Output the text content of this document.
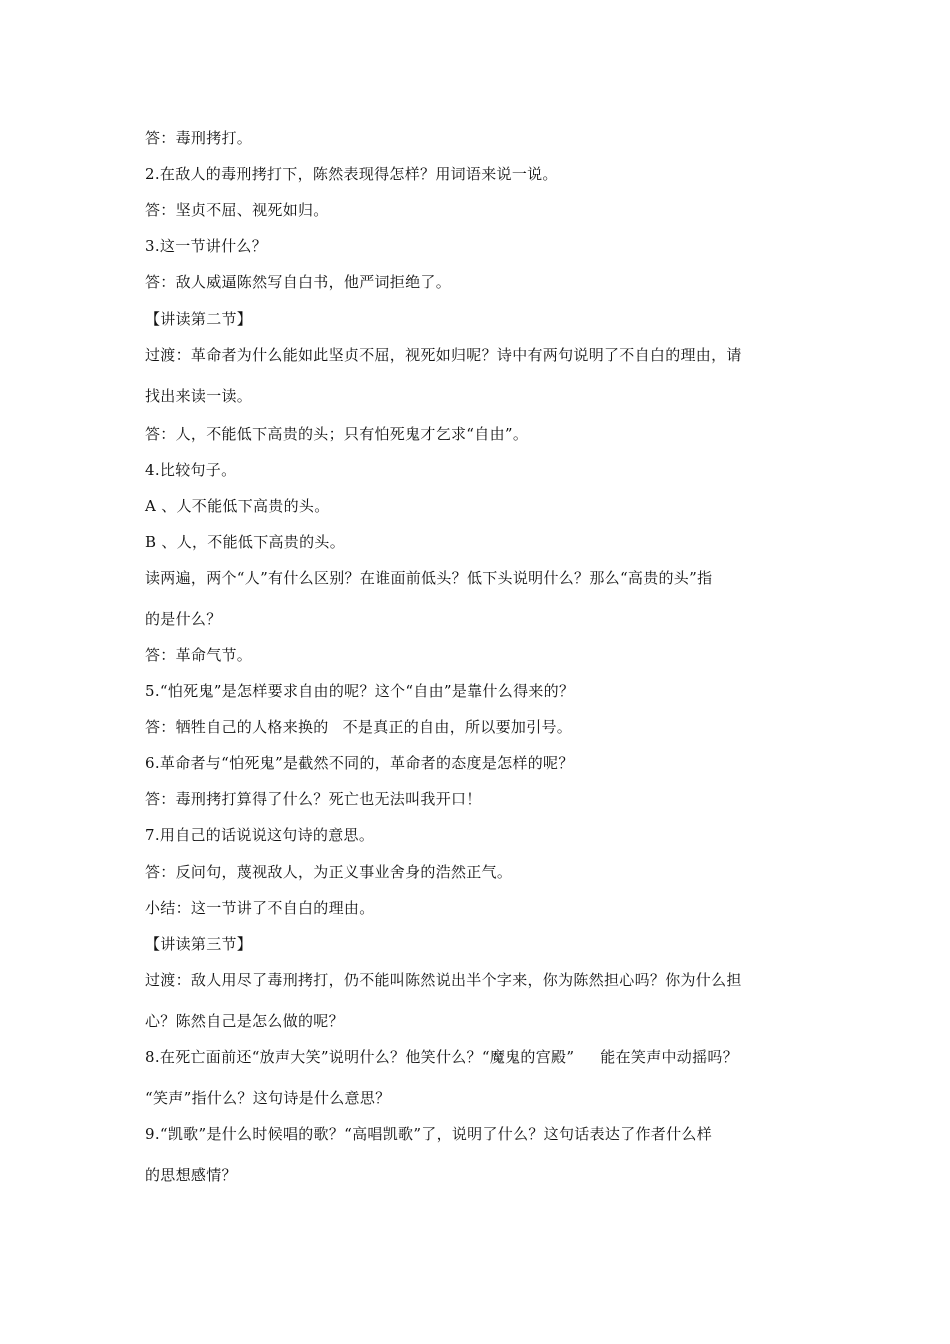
答：毒刑拷打。
2.在敌人的毒刑拷打下，陈然表现得怎样？用词语来说一说。
答：坚贞不屈、视死如归。
3.这一节讲什么？
答：敌人威逼陈然写自白书，他严词拒绝了。
【讲读第二节】
过渡：革命者为什么能如此坚贞不屈，视死如归呢？诗中有两句说明了不自白的理由，请
找出来读一读。
答：人，不能低下高贵的头；只有怕死鬼才乞求“自由”。
4.比较句子。
A 、人不能低下高贵的头。
B 、人，不能低下高贵的头。
读两遍，两个“人”有什么区别？在谁面前低头？低下头说明什么？那么“高贵的头”指
的是什么？
答：革命气节。
5.“怕死鬼”是怎样要求自由的呢？这个“自由”是靠什么得来的？
答：牺牲自己的人格来换的 不是真正的自由，所以要加引号。
6.革命者与“怕死鬼”是截然不同的，革命者的态度是怎样的呢？
答：毒刑拷打算得了什么？死亡也无法叫我开口！
7.用自己的话说说这句诗的意思。
答：反问句，蔑视敌人，为正义事业舍身的浩然正气。
小结：这一节讲了不自白的理由。
【讲读第三节】
过渡：敌人用尽了毒刑拷打，仍不能叫陈然说出半个字来，你为陈然担心吗？你为什么担
心？陈然自己是怎么做的呢？
8.在死亡面前还“放声大笑”说明什么？他笑什么？“魔鬼的宫殿” 能在笑声中动摇吗？
“笑声”指什么？这句诗是什么意思？
9.“凯歌”是什么时候唱的歌？“高唱凯歌”了，说明了什么？这句话表达了作者什么样
的思想感情？
